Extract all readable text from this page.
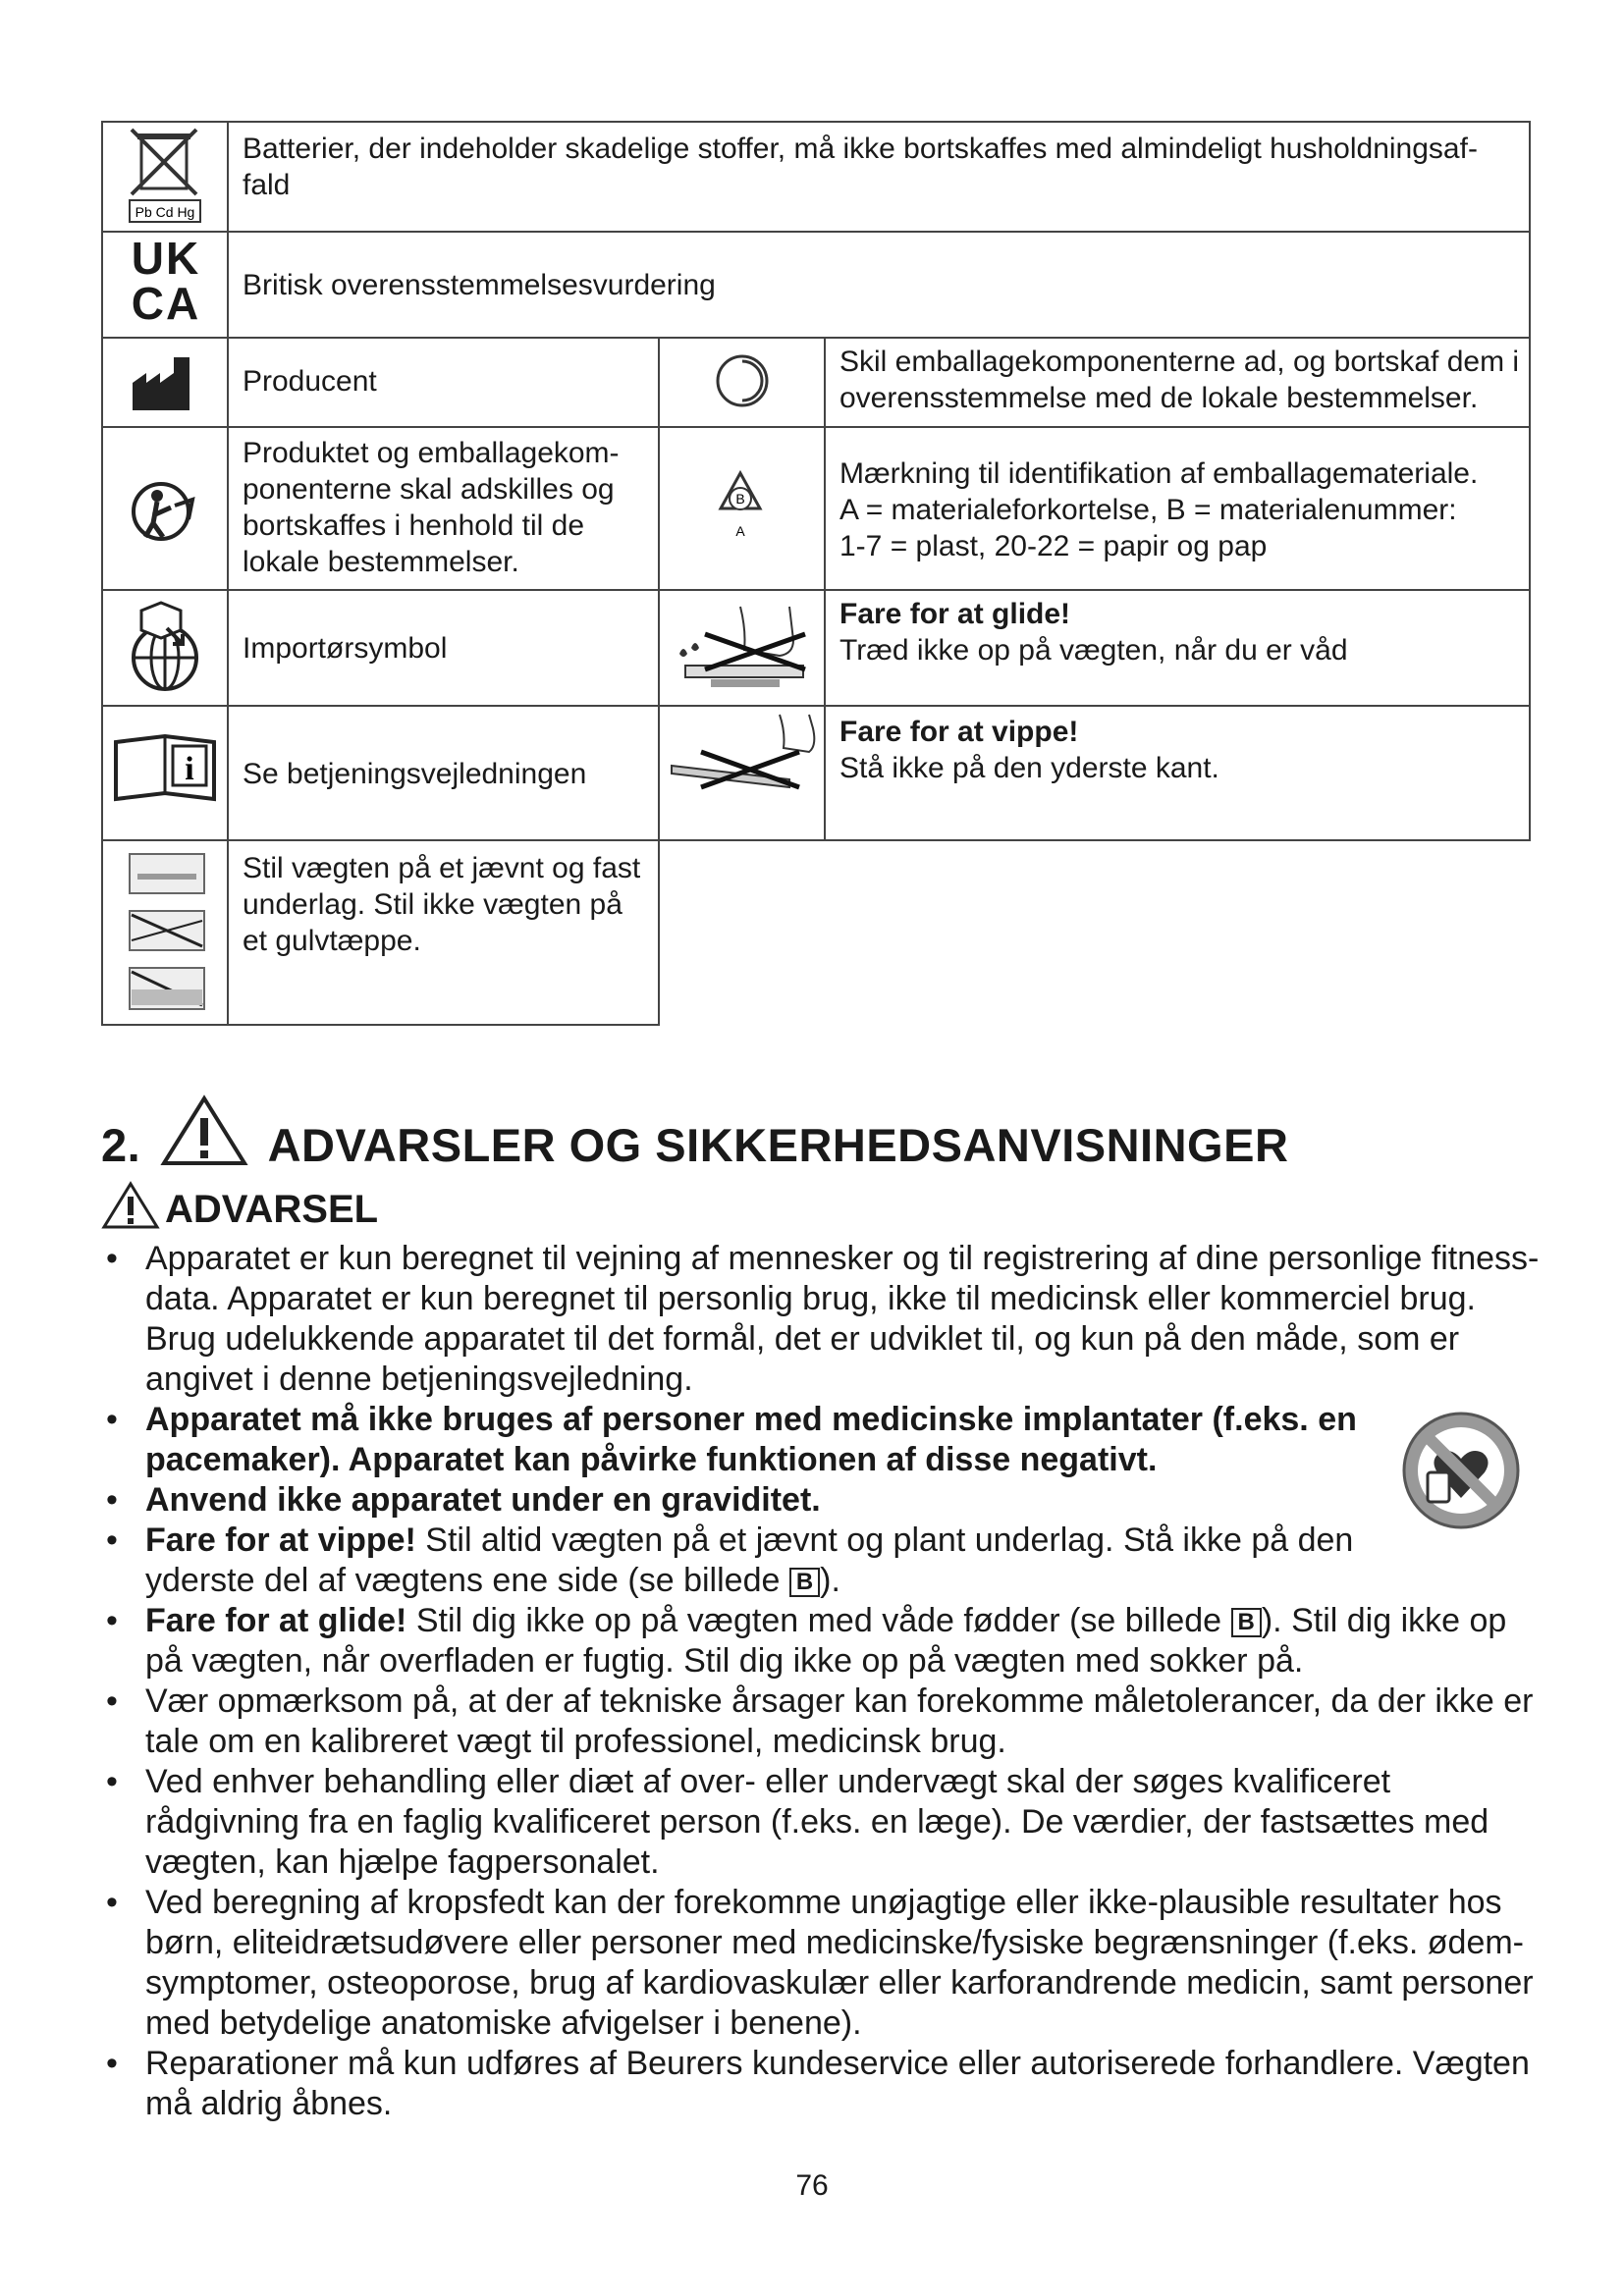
Pb Cd Hg
Batterier, der indeholder skadelige stoffer, må ikke bortskaffes med almindeligt husholdningsaf- fald
UK
CA	Britisk overensstemmelsesvurdering
Producent
Skil emballagekomponenterne ad, og bortskaf dem i overensstemmelse med de lokale bestemmelser.
Produktet og emballagekom- ponenterne skal adskilles og bortskaffes i henhold til de lokale bestemmelser.
B
A
Mærkning til identifikation af emballagemateriale.
A = materialeforkortelse, B = materialenummer:
1-7 = plast, 20-22 = papir og pap
Importørsymbol
Fare for at glide!
Træd ikke op på vægten, når du er våd
i Se betjeningsvejledningen
Fare for at vippe!
Stå ikke på den yderste kant.
Stil vægten på et jævnt og fast underlag. Stil ikke vægten på et gulvtæppe.
2.	ADVARSLER OG SIKKERHEDSANVISNINGER
ADVARSEL
• Apparatet er kun beregnet til vejning af mennesker og til registrering af dine personlige fitness- data. Apparatet er kun beregnet til personlig brug, ikke til medicinsk eller kommerciel brug. Brug udelukkende apparatet til det formål, det er udviklet til, og kun på den måde, som er angivet i denne betjeningsvejledning.
• Apparatet må ikke bruges af personer med medicinske implantater (f.eks. en pacemaker). Apparatet kan påvirke funktionen af disse negativt.
• Anvend ikke apparatet under en graviditet.
• Fare for at vippe! Stil altid vægten på et jævnt og plant underlag. Stå ikke på den yderste del af vægtens ene side (se billede B ).
• Fare for at glide! Stil dig ikke op på vægten med våde fødder (se billede B ). Stil dig ikke op på vægten, når overfladen er fugtig. Stil dig ikke op på vægten med sokker på.
• Vær opmærksom på, at der af tekniske årsager kan forekomme måletolerancer, da der ikke er tale om en kalibreret vægt til professionel, medicinsk brug.
• Ved enhver behandling eller diæt af over- eller undervægt skal der søges kvalificeret rådgivning fra en faglig kvalificeret person (f.eks. en læge). De værdier, der fastsættes med vægten, kan hjælpe fagpersonalet.
• Ved beregning af kropsfedt kan der forekomme unøjagtige eller ikke-plausible resultater hos børn, eliteidrætsudøvere eller personer med medicinske/fysiske begrænsninger (f.eks. ødem- symptomer, osteoporose, brug af kardiovaskulær eller karforandrende medicin, samt personer med betydelige anatomiske afvigelser i benene).
• Reparationer må kun udføres af Beurers kundeservice eller autoriserede forhandlere. Vægten må aldrig åbnes.
76
